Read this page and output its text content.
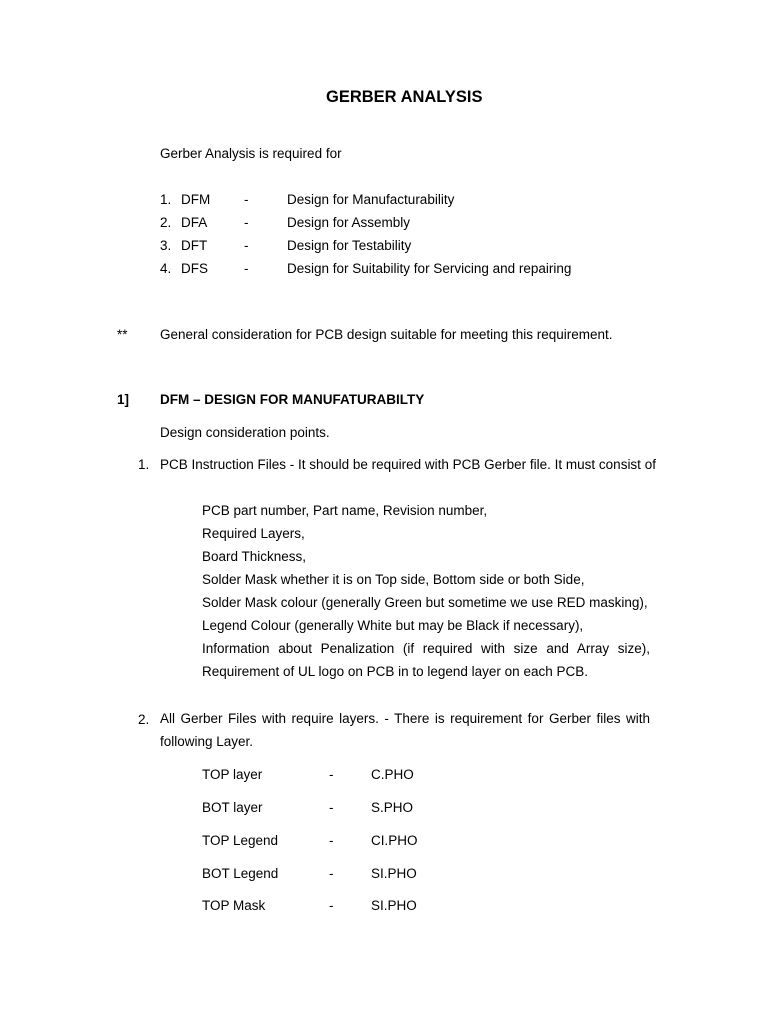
GERBER ANALYSIS
Gerber Analysis is required for
1. DFM	-	Design for Manufacturability
2. DFA	-	Design for Assembly
3. DFT	-	Design for Testability
4. DFS	-	Design for Suitability for Servicing and repairing
** General consideration for PCB design suitable for meeting this requirement.
1] DFM – DESIGN FOR MANUFATURABILTY
Design consideration points.
1. PCB Instruction Files - It should be required with PCB Gerber file. It must consist of
PCB part number, Part name, Revision number,
Required Layers,
Board Thickness,
Solder Mask whether it is on Top side, Bottom side or both Side,
Solder Mask colour (generally Green but sometime we use RED masking),
Legend Colour (generally White but may be Black if necessary),
Information about Penalization (if required with size and Array size),
Requirement of UL logo on PCB in to legend layer on each PCB.
2. All Gerber Files with require layers. - There is requirement for Gerber files with
following Layer.
TOP layer	-	C.PHO
BOT layer	-	S.PHO
TOP Legend	-	CI.PHO
BOT Legend	-	SI.PHO
TOP Mask	-	SI.PHO
